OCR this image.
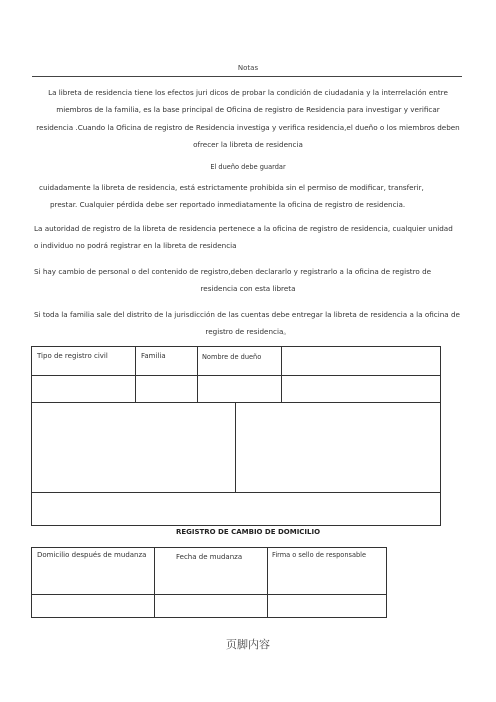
Notas
La libreta de residencia tiene los efectos juri dicos de probar la condición de ciudadania y la interrelación entre
miembros de la familia, es la base principal de Oficina de registro de Residencia para investigar y verificar
residencia .Cuando la Oficina de registro de Residencia investiga y verifica residencia,el dueño o los miembros deben
ofrecer la libreta de residencia
El dueño debe guardar
cuidadamente la libreta de residencia, está estrictamente prohibida sin el permiso de modificar, transferir,
prestar. Cualquier pérdida debe ser reportado inmediatamente la oficina de registro de residencia.
La autoridad de registro de la libreta de residencia pertenece a la oficina de registro de residencia, cualquier unidad
o individuo no podrá registrar en la libreta de residencia
Si hay cambio de personal o del contenido de registro,deben declararlo y registrarlo a la oficina de registro de
residencia con esta libreta
Si toda la familia sale del distrito de la jurisdicción de las cuentas debe entregar la libreta de residencia a la oficina de
registro de residencia。
Tipo de registro civil	Familia	Nombre de dueño
REGISTRO DE CAMBIO DE DOMICILIO
Domicilio después de mudanza	Fecha de mudanza	Firma o sello de responsable
页脚内容
